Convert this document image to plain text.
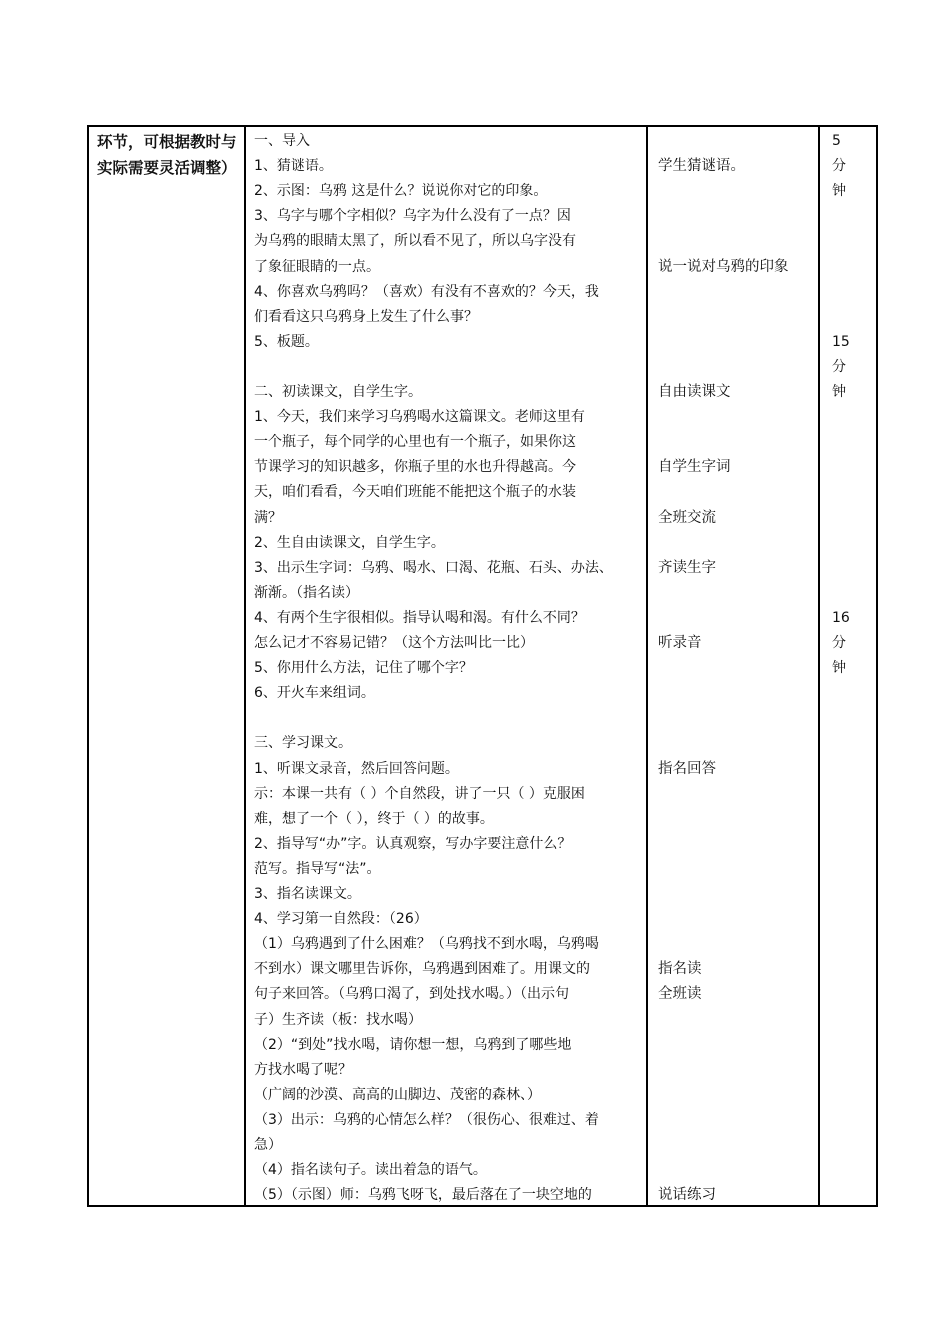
环节，可根据教时与实际需要灵活调整）
一、导入
1、猜谜语。
2、示图：乌鸦 这是什么？说说你对它的印象。
3、乌字与哪个字相似？乌字为什么没有了一点？因
为乌鸦的眼睛太黑了，所以看不见了，所以乌字没有
了象征眼睛的一点。
4、你喜欢乌鸦吗？（喜欢）有没有不喜欢的？今天，我
们看看这只乌鸦身上发生了什么事？
5、板题。
二、初读课文，自学生字。
1、今天，我们来学习乌鸦喝水这篇课文。老师这里有
一个瓶子，每个同学的心里也有一个瓶子，如果你这
节课学习的知识越多，你瓶子里的水也升得越高。今
天，咱们看看，今天咱们班能不能把这个瓶子的水装
满？
2、生自由读课文，自学生字。
3、出示生字词：乌鸦、喝水、口渴、花瓶、石头、办法、
渐渐。（指名读）
4、有两个生字很相似。指导认喝和渴。有什么不同？
怎么记才不容易记错？（这个方法叫比一比）
5、你用什么方法，记住了哪个字？
6、开火车来组词。
三、学习课文。
1、听课文录音，然后回答问题。
示：本课一共有（ ）个自然段，讲了一只（ ）克服困
难，想了一个（ ），终于（ ）的故事。
2、指导写“办”字。认真观察，写办字要注意什么？
范写。指导写“法”。
3、指名读课文。
4、学习第一自然段：（26）
（1）乌鸦遇到了什么困难？（乌鸦找不到水喝，乌鸦喝
不到水）课文哪里告诉你，乌鸦遇到困难了。用课文的
句子来回答。（乌鸦口渴了，到处找水喝。）（出示句
子）生齐读（板：找水喝）
（2）“到处”找水喝，请你想一想，乌鸦到了哪些地
方找水喝了呢？
（广阔的沙漠、高高的山脚边、茂密的森林、）
（3）出示：乌鸦的心情怎么样？（很伤心、很难过、着
急）
（4）指名读句子。读出着急的语气。
（5）（示图）师：乌鸦飞呀飞，最后落在了一块空地的
学生猜谜语。
说一说对乌鸦的印象
自由读课文
自学生字词
全班交流
齐读生字
听录音
指名回答
指名读
全班读
说话练习
5
分
钟
15
分
钟
16
分
钟
